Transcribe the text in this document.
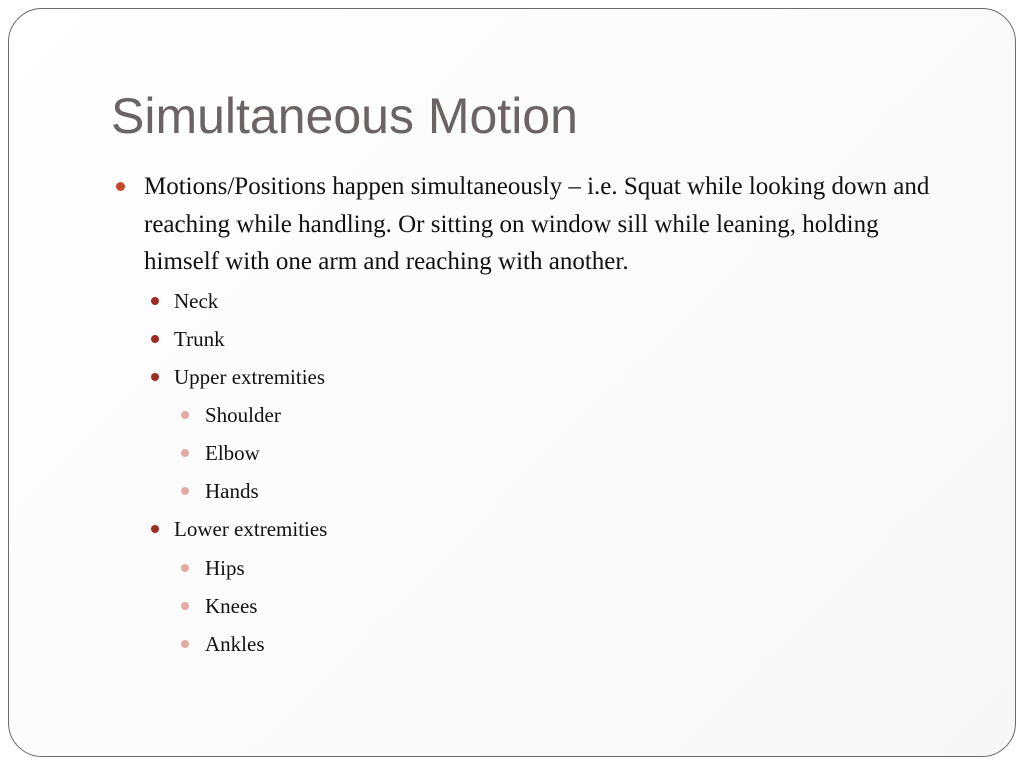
Simultaneous Motion

Motions/Positions happen simultaneously – i.e. Squat while looking down and reaching while handling. Or sitting on window sill while leaning, holding himself with one arm and reaching with another.

Neck

Trunk

Upper extremities

Shoulder

Elbow

Hands

Lower extremities

Hips

Knees

Ankles
